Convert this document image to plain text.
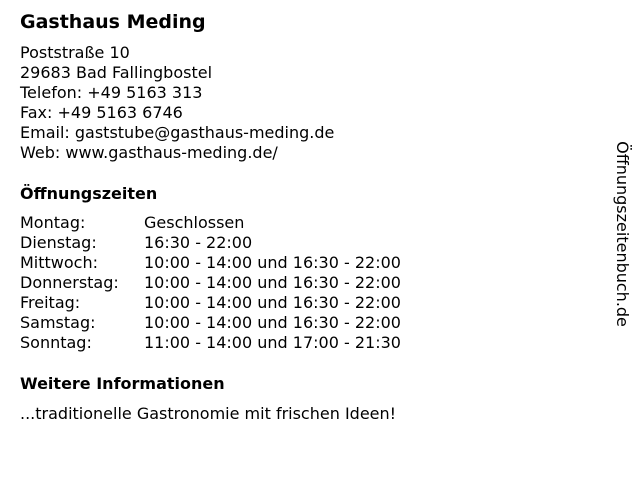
Gasthaus Meding
Poststraße 10
29683 Bad Fallingbostel
Telefon: +49 5163 313
Fax: +49 5163 6746
Email: gaststube@gasthaus-meding.de
Web: www.gasthaus-meding.de/
Öffnungszeiten
Montag:	Geschlossen
Dienstag:	16:30 - 22:00
Mittwoch:	10:00 - 14:00 und 16:30 - 22:00
Donnerstag:	10:00 - 14:00 und 16:30 - 22:00
Freitag:	10:00 - 14:00 und 16:30 - 22:00
Samstag:	10:00 - 14:00 und 16:30 - 22:00
Sonntag:	11:00 - 14:00 und 17:00 - 21:30
Weitere Informationen
...traditionelle Gastronomie mit frischen Ideen!
Öffnungszeitenbuch.de
